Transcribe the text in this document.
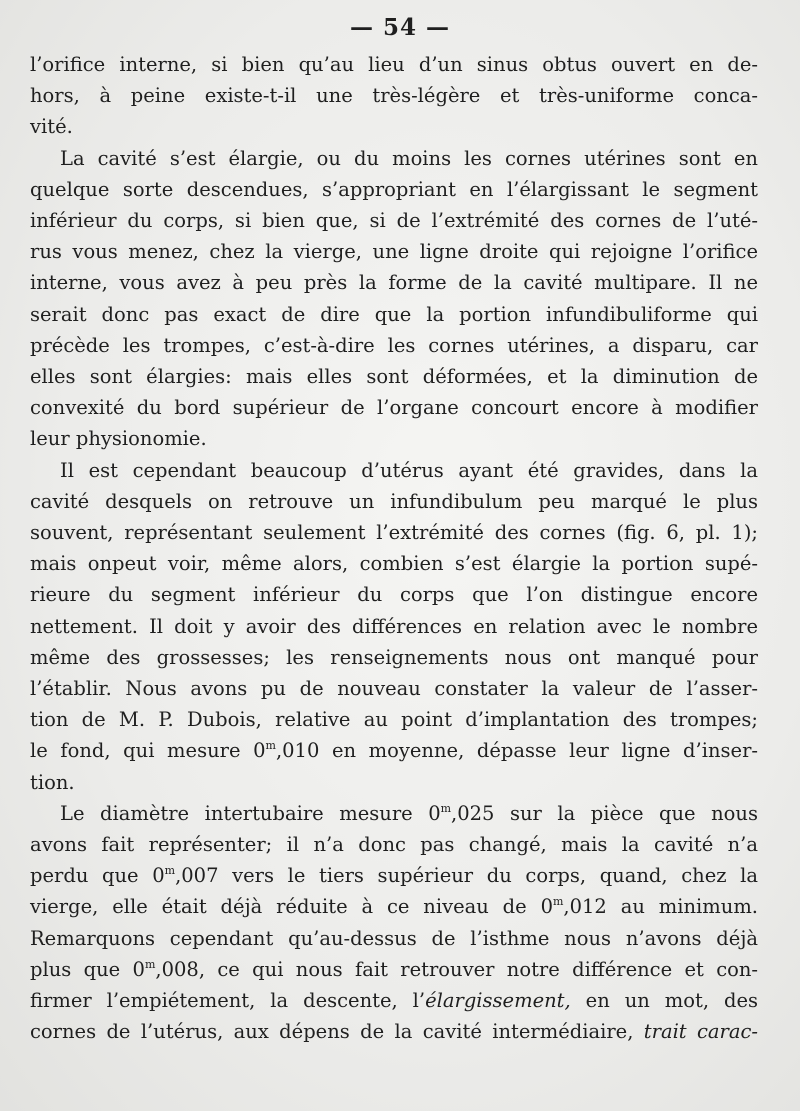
— 54 —
l’orifice interne, si bien qu’au lieu d’un sinus obtus ouvert en de-
hors, à peine existe-t-il une très-légère et très-uniforme conca-
vité.
La cavité s’est élargie, ou du moins les cornes utérines sont en
quelque sorte descendues, s’appropriant en l’élargissant le segment
inférieur du corps, si bien que, si de l’extrémité des cornes de l’uté-
rus vous menez, chez la vierge, une ligne droite qui rejoigne l’orifice
interne, vous avez à peu près la forme de la cavité multipare. Il ne
serait donc pas exact de dire que la portion infundibuliforme qui
précède les trompes, c’est-à-dire les cornes utérines, a disparu, car
elles sont élargies: mais elles sont déformées, et la diminution de
convexité du bord supérieur de l’organe concourt encore à modifier
leur physionomie.
Il est cependant beaucoup d’utérus ayant été gravides, dans la
cavité desquels on retrouve un infundibulum peu marqué le plus
souvent, représentant seulement l’extrémité des cornes (fig. 6, pl. 1);
mais onpeut voir, même alors, combien s’est élargie la portion supé-
rieure du segment inférieur du corps que l’on distingue encore
nettement. Il doit y avoir des différences en relation avec le nombre
même des grossesses; les renseignements nous ont manqué pour
l’établir. Nous avons pu de nouveau constater la valeur de l’asser-
tion de M. P. Dubois, relative au point d’implantation des trompes;
le fond, qui mesure 0$^m$,010 en moyenne, dépasse leur ligne d’inser-
tion.
Le diamètre intertubaire mesure 0$^m$,025 sur la pièce que nous
avons fait représenter; il n’a donc pas changé, mais la cavité n’a
perdu que 0$^m$,007 vers le tiers supérieur du corps, quand, chez la
vierge, elle était déjà réduite à ce niveau de 0$^m$,012 au minimum.
Remarquons cependant qu’au-dessus de l’isthme nous n’avons déjà
plus que 0$^m$,008, ce qui nous fait retrouver notre différence et con-
firmer l’empiétement, la descente, l’élargissement, en un mot, des
cornes de l’utérus, aux dépens de la cavité intermédiaire, trait carac-
